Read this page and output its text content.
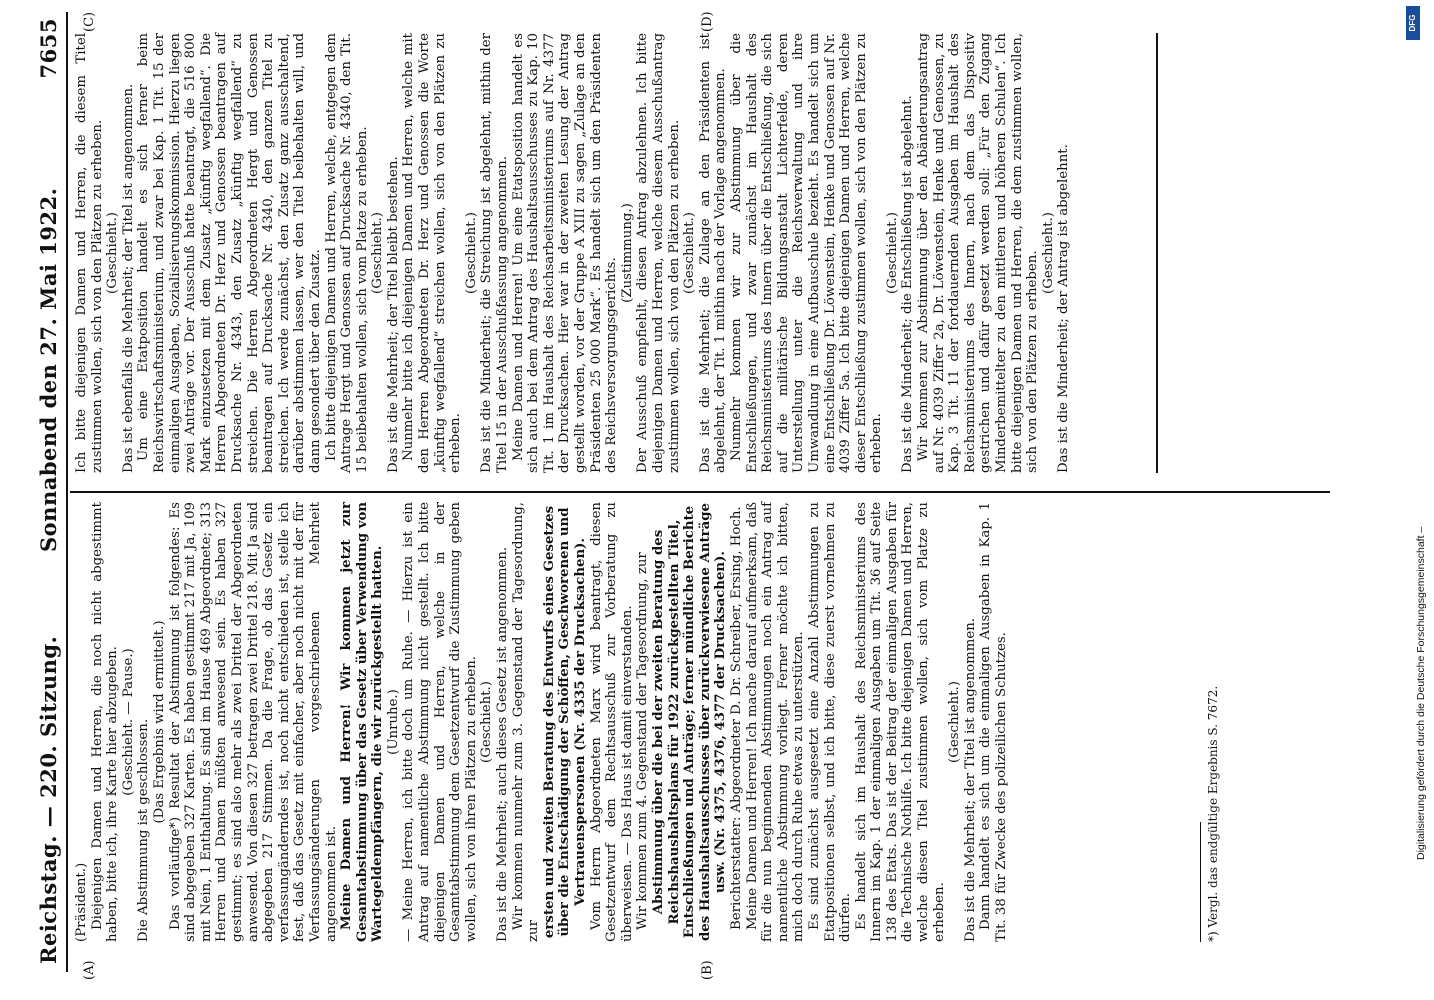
Reichstag. — 220. Sitzung.
Sonnabend den 27. Mai 1922.
7655
(A)	(B)
(C)	(D)

(Präsident.) Diejenigen Damen und Herren, die noch nicht abgestimmt haben, bitte ich, ihre Karte hier abzugeben. (Geschieht. — Pause.) Die Abstimmung ist geschlossen. (Das Ergebnis wird ermittelt.) Das vorläufige*) Resultat der Abstimmung ist folgendes: Es sind abgegeben 327 Karten. Es haben gestimmt 217 mit Ja, 109 mit Nein, 1 Enthaltung. Es sind im Hause 469 Abgeordnete; 313 Herren und Damen müßten anwesend sein. Es haben 327 gestimmt; es sind also mehr als zwei Drittel der Abgeordneten anwesend. Von diesen 327 betragen zwei Drittel 218. Mit Ja sind abgegeben 217 Stimmen. Da die Frage, ob das Gesetz ein verfassungänderndes ist, noch nicht entschieden ist, stelle ich fest, daß das Gesetz mit einfacher, aber noch nicht mit der für Verfassungsänderungen vorgeschriebenen Mehrheit angenommen ist. Meine Damen und Herren! Wir kommen jetzt zur Gesamtabstimmung über das Gesetz über Verwendung von Wartegeldempfängern, die wir zurückgestellt hatten. (Unruhe.) — Meine Herren, ich bitte doch um Ruhe. — Hierzu ist ein Antrag auf namentliche Abstimmung nicht gestellt. Ich bitte diejenigen Damen und Herren, welche in der Gesamtabstimmung dem Gesetzentwurf die Zustimmung geben wollen, sich von ihren Plätzen zu erheben. (Geschieht.) Das ist die Mehrheit; auch dieses Gesetz ist angenommen. Wir kommen nunmehr zum 3. Gegenstand der Tagesordnung, zur ersten und zweiten Beratung des Entwurfs eines Gesetzes über die Entschädigung der Schöffen, Geschworenen und Vertrauenspersonen (Nr. 4335 der Drucksachen). Vom Herrn Abgeordneten Marx wird beantragt, diesen Gesetzentwurf dem Rechtsausschuß zur Vorberatung zu überweisen. — Das Haus ist damit einverstanden. Wir kommen zum 4. Gegenstand der Tagesordnung, zur Abstimmung über die bei der zweiten Beratung des Reichshaushaltsplans für 1922 zurückgestellten Titel, Entschließungen und Anträge; ferner mündliche Berichte des Haushaltsausschusses über zurückverwiesene Anträge usw. (Nr. 4375, 4376, 4377 der Drucksachen). Berichterstatter: Abgeordneter D. Dr. Schreiber, Ersing, Hoch. Meine Damen und Herren! Ich mache darauf aufmerksam, daß für die nun beginnenden Abstimmungen noch ein Antrag auf namentliche Abstimmung vorliegt. Ferner möchte ich bitten, mich doch durch Ruhe etwas zu unterstützen. Es sind zunächst ausgesetzt eine Anzahl Abstimmungen zu Etatpositionen selbst, und ich bitte, diese zuerst vornehmen zu dürfen. Es handelt sich im Haushalt des Reichsministeriums des Innern im Kap. 1 der einmaligen Ausgaben um Tit. 36 auf Seite 138 des Etats. Das ist der Beitrag der einmaligen Ausgaben für die Technische Nothilfe. Ich bitte diejenigen Damen und Herren, welche diesen Titel zustimmen wollen, sich vom Platze zu erheben.

(Geschieht.) Das ist die Mehrheit; der Titel ist angenommen. Dann handelt es sich um die einmaligen Ausgaben in Kap. 1 Tit. 38 für Zwecke des polizeilichen Schutzes.	*) Vergl. das endgültige Ergebnis S. 7672.

Ich bitte diejenigen Damen und Herren, die diesem Titel zustimmen wollen, sich von den Plätzen zu erheben. (Geschieht.) Das ist ebenfalls die Mehrheit; der Titel ist angenommen. Um eine Etatposition handelt es sich ferner beim Reichswirtschaftsministerium, und zwar bei Kap. 1 Tit. 15 der einmaligen Ausgaben, Sozialisierungskommission. Hierzu liegen zwei Anträge vor. Der Ausschuß hatte beantragt, die 516 800 Mark einzusetzen mit dem Zusatz „künftig wegfallend“. Die Herren Abgeordneten Dr. Herz und Genossen beantragen auf Drucksache Nr. 4343, den Zusatz „künftig wegfallend“ zu streichen. Die Herren Abgeordneten Hergt und Genossen beantragen auf Drucksache Nr. 4340, den ganzen Titel zu streichen. Ich werde zunächst, den Zusatz ganz ausschaltend, darüber abstimmen lassen, wer den Titel beibehalten will, und dann gesondert über den Zusatz. Ich bitte diejenigen Damen und Herren, welche, entgegen dem Antrage Hergt und Genossen auf Drucksache Nr. 4340, den Tit. 15 beibehalten wollen, sich vom Platze zu erheben. (Geschieht.) Das ist die Mehrheit; der Titel bleibt bestehen. Nunmehr bitte ich diejenigen Damen und Herren, welche mit den Herren Abgeordneten Dr. Herz und Genossen die Worte „künftig wegfallend“ streichen wollen, sich von den Plätzen zu erheben.

(Geschieht.) Das ist die Minderheit; die Streichung ist abgelehnt, mithin der Titel 15 in der Ausschußfassung angenommen. Meine Damen und Herren! Um eine Etatsposition handelt es sich auch bei dem Antrag des Haushaltsausschusses zu Kap. 10 Tit. 1 im Haushalt des Reichsarbeitsministeriums auf Nr. 4377 der Drucksachen. Hier war in der zweiten Lesung der Antrag gestellt worden, vor der Gruppe A XIII zu sagen „Zulage an den Präsidenten 25 000 Mark“. Es handelt sich um den Präsidenten des Reichsversorgungsgerichts.

(Zustimmung.) Der Ausschuß empfiehlt, diesen Antrag abzulehnen. Ich bitte diejenigen Damen und Herren, welche diesem Ausschußantrag zustimmen wollen, sich von den Plätzen zu erheben. (Geschieht.) Das ist die Mehrheit; die Zulage an den Präsidenten ist abgelehnt, der Tit. 1 mithin nach der Vorlage angenommen. Nunmehr kommen wir zur Abstimmung über die Entschließungen, und zwar zunächst im Haushalt des Reichsministeriums des Innern über die Entschließung, die sich auf die militärische Bildungsanstalt Lichterfelde, deren Unterstellung unter die Reichsverwaltung und ihre Umwandlung in eine Aufbauschule bezieht. Es handelt sich um eine Entschließung Dr. Löwenstein, Henke und Genossen auf Nr. 4039 Ziffer 5a. Ich bitte diejenigen Damen und Herren, welche dieser Entschließung zustimmen wollen, sich von den Plätzen zu erheben.

(Geschieht.) Das ist die Minderheit; die Entschließung ist abgelehnt. Wir kommen zur Abstimmung über den Abänderungsantrag auf Nr. 4039 Ziffer 2a, Dr. Löwenstein, Henke und Genossen, zu Kap. 3 Tit. 11 der fortdauernden Ausgaben im Haushalt des Reichsministeriums des Innern, nach dem das Dispositiv gestrichen und dafür gesetzt werden soll: „Für den Zugang Minderbemittelter zu den mittleren und höheren Schulen“. Ich bitte diejenigen Damen und Herren, die dem zustimmen wollen, sich von den Plätzen zu erheben. (Geschieht.) Das ist die Minderheit; der Antrag ist abgelehnt.

Digitalisierung gefördert durch die Deutsche Forschungsgemeinschaft –
DFG
